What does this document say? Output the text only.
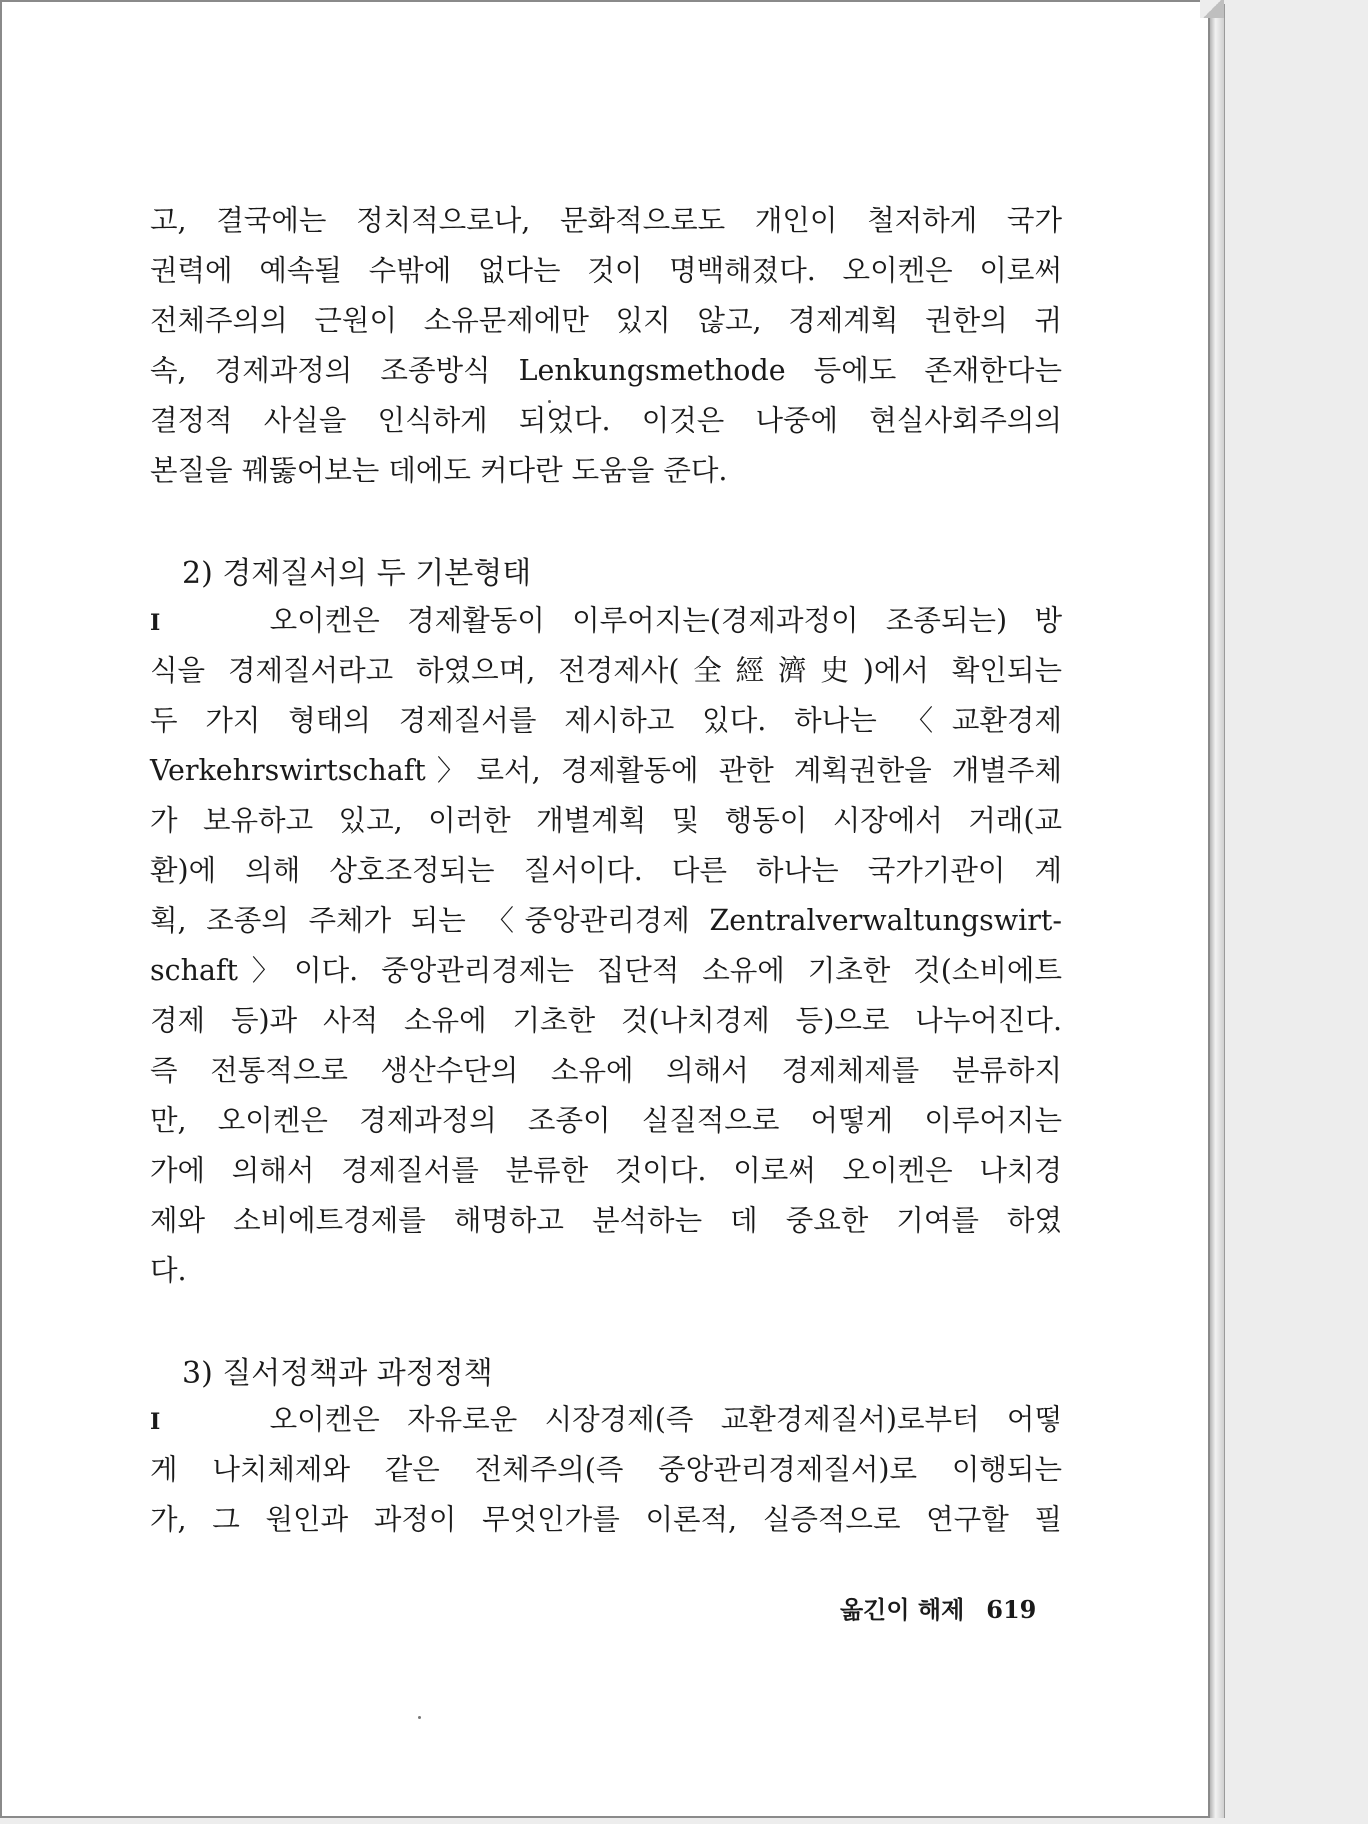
고, 결국에는 정치적으로나, 문화적으로도 개인이 철저하게 국가
권력에 예속될 수밖에 없다는 것이 명백해졌다. 오이켄은 이로써
전체주의의 근원이 소유문제에만 있지 않고, 경제계획 권한의 귀
속, 경제과정의 조종방식 Lenkungsmethode 등에도 존재한다는
결정적 사실을 인식하게 되었다. 이것은 나중에 현실사회주의의
본질을 꿰뚫어보는 데에도 커다란 도움을 준다.
2) 경제질서의 두 기본형태
I	오이켄은 경제활동이 이루어지는(경제과정이 조종되는) 방
식을 경제질서라고 하였으며, 전경제사(全經濟史)에서 확인되는
두 가지 형태의 경제질서를 제시하고 있다. 하나는 〈교환경제
Verkehrswirtschaft〉로서, 경제활동에 관한 계획권한을 개별주체
가 보유하고 있고, 이러한 개별계획 및 행동이 시장에서 거래(교
환)에 의해 상호조정되는 질서이다. 다른 하나는 국가기관이 계
획, 조종의 주체가 되는 〈중앙관리경제 Zentralverwaltungswirt-
schaft〉이다. 중앙관리경제는 집단적 소유에 기초한 것(소비에트
경제 등)과 사적 소유에 기초한 것(나치경제 등)으로 나누어진다.
즉 전통적으로 생산수단의 소유에 의해서 경제체제를 분류하지
만, 오이켄은 경제과정의 조종이 실질적으로 어떻게 이루어지는
가에 의해서 경제질서를 분류한 것이다. 이로써 오이켄은 나치경
제와 소비에트경제를 해명하고 분석하는 데 중요한 기여를 하였
다.
3) 질서정책과 과정정책
I	오이켄은 자유로운 시장경제(즉 교환경제질서)로부터 어떻
게 나치체제와 같은 전체주의(즉 중앙관리경제질서)로 이행되는
가, 그 원인과 과정이 무엇인가를 이론적, 실증적으로 연구할 필
옮긴이 해제 619
